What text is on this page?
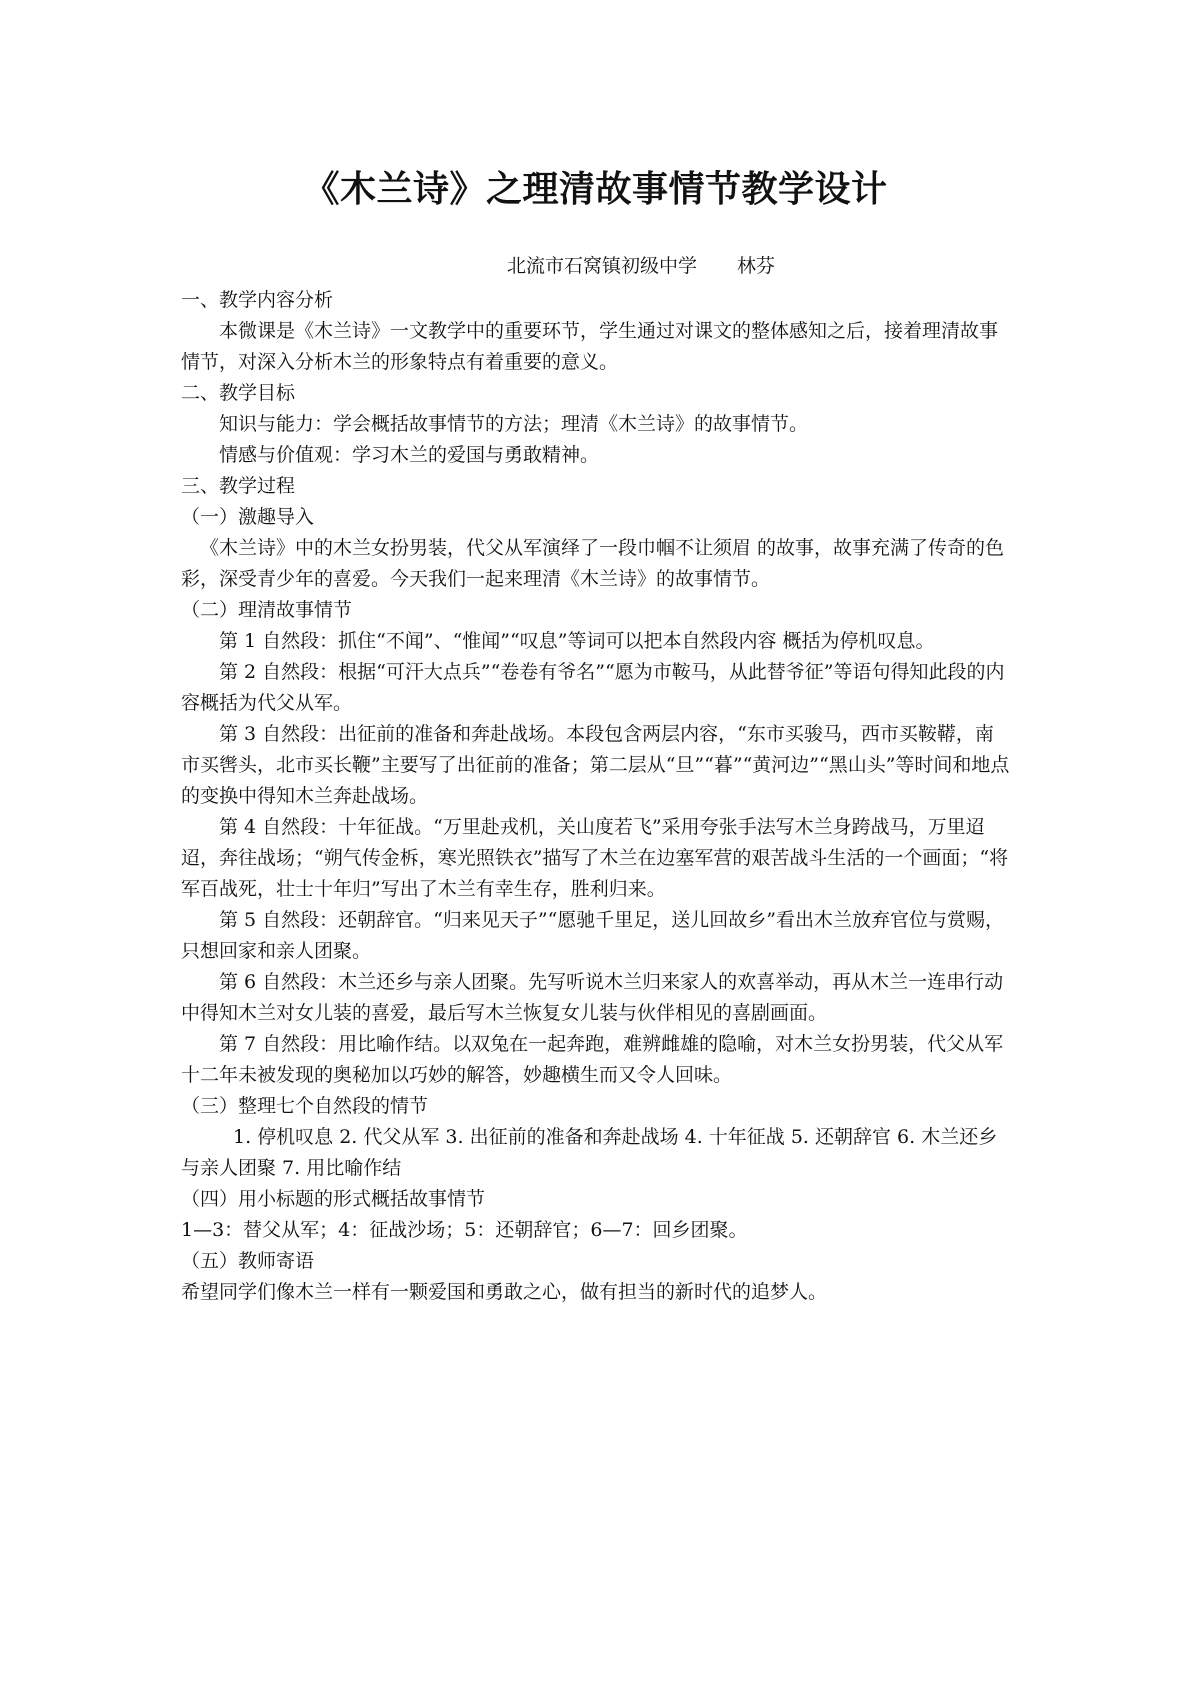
《木兰诗》之理清故事情节教学设计
北流市石窝镇初级中学 林芬

一、教学内容分析

本微课是《木兰诗》一文教学中的重要环节，学生通过对课文的整体感知之后，接着理清故事情节，对深入分析木兰的形象特点有着重要的意义。

二、教学目标

知识与能力：学会概括故事情节的方法；理清《木兰诗》的故事情节。

情感与价值观：学习木兰的爱国与勇敢精神。

三、教学过程

（一）激趣导入

《木兰诗》中的木兰女扮男装，代父从军演绎了一段巾帼不让须眉 的故事，故事充满了传奇的色彩，深受青少年的喜爱。今天我们一起来理清《木兰诗》的故事情节。

（二）理清故事情节

第 1 自然段：抓住“不闻”、“惟闻”“叹息”等词可以把本自然段内容 概括为停机叹息。

第 2 自然段：根据“可汗大点兵”“卷卷有爷名”“愿为市鞍马，从此替爷征”等语句得知此段的内容概括为代父从军。

第 3 自然段：出征前的准备和奔赴战场。本段包含两层内容，“东市买骏马，西市买鞍鞯，南市买辔头，北市买长鞭”主要写了出征前的准备；第二层从“旦”“暮”“黄河边”“黑山头”等时间和地点的变换中得知木兰奔赴战场。

第 4 自然段：十年征战。“万里赴戎机，关山度若飞”采用夸张手法写木兰身跨战马，万里迢迢，奔往战场；“朔气传金柝，寒光照铁衣”描写了木兰在边塞军营的艰苦战斗生活的一个画面；“将军百战死，壮士十年归”写出了木兰有幸生存，胜利归来。

第 5 自然段：还朝辞官。“归来见天子”“愿驰千里足，送儿回故乡”看出木兰放弃官位与赏赐，只想回家和亲人团聚。

第 6 自然段：木兰还乡与亲人团聚。先写听说木兰归来家人的欢喜举动，再从木兰一连串行动中得知木兰对女儿装的喜爱，最后写木兰恢复女儿装与伙伴相见的喜剧画面。

第 7 自然段：用比喻作结。以双兔在一起奔跑，难辨雌雄的隐喻，对木兰女扮男装，代父从军十二年未被发现的奥秘加以巧妙的解答，妙趣横生而又令人回味。

（三）整理七个自然段的情节

1. 停机叹息 2. 代父从军 3. 出征前的准备和奔赴战场 4. 十年征战 5. 还朝辞官 6. 木兰还乡与亲人团聚 7. 用比喻作结

（四）用小标题的形式概括故事情节

1—3：替父从军；4：征战沙场；5：还朝辞官；6—7：回乡团聚。

（五）教师寄语

希望同学们像木兰一样有一颗爱国和勇敢之心，做有担当的新时代的追梦人。
